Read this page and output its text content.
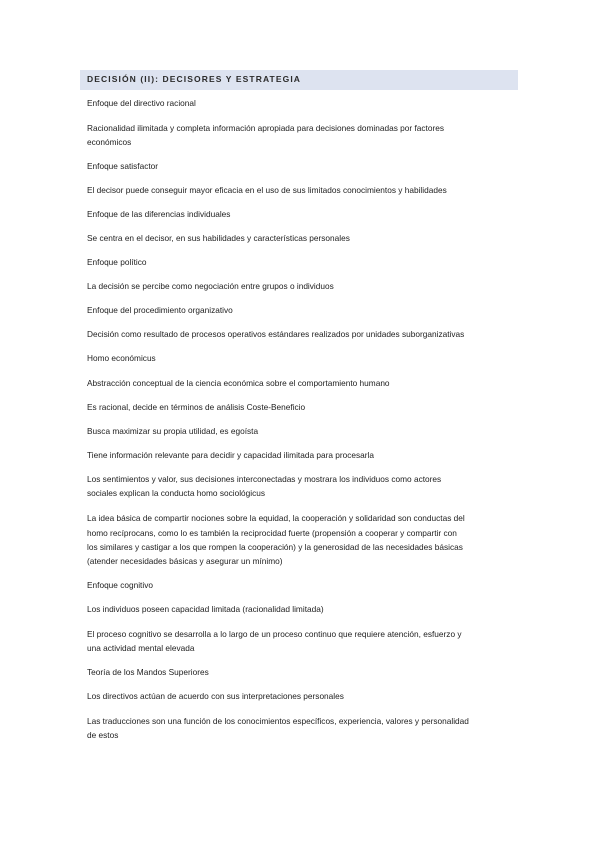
DECISIÓN (II): DECISORES Y ESTRATEGIA
Enfoque del directivo racional
Racionalidad ilimitada y completa información apropiada para decisiones dominadas por factores
económicos
Enfoque satisfactor
El decisor puede conseguir mayor eficacia en el uso de sus limitados conocimientos y habilidades
Enfoque de las diferencias individuales
Se centra en el decisor, en sus habilidades y características personales
Enfoque político
La decisión se percibe como negociación entre grupos o individuos
Enfoque del procedimiento organizativo
Decisión como resultado de procesos operativos estándares realizados por unidades suborganizativas
Homo económicus
Abstracción conceptual de la ciencia económica sobre el comportamiento humano
Es racional, decide en términos de análisis Coste-Beneficio
Busca maximizar su propia utilidad, es egoísta
Tiene información relevante para decidir y capacidad ilimitada para procesarla
Los sentimientos y valor, sus decisiones interconectadas y mostrara los individuos como actores
sociales explican la conducta homo sociológicus
La idea básica de compartir nociones sobre la equidad, la cooperación y solidaridad son conductas del
homo recíprocans, como lo es también la reciprocidad fuerte (propensión a cooperar y compartir con
los similares y castigar a los que rompen la cooperación) y la generosidad de las necesidades básicas
(atender necesidades básicas y asegurar un mínimo)
Enfoque cognitivo
Los individuos poseen capacidad limitada (racionalidad limitada)
El proceso cognitivo se desarrolla a lo largo de un proceso continuo que requiere atención, esfuerzo y
una actividad mental elevada
Teoría de los Mandos Superiores
Los directivos actúan de acuerdo con sus interpretaciones personales
Las traducciones son una función de los conocimientos específicos, experiencia, valores y personalidad
de estos
